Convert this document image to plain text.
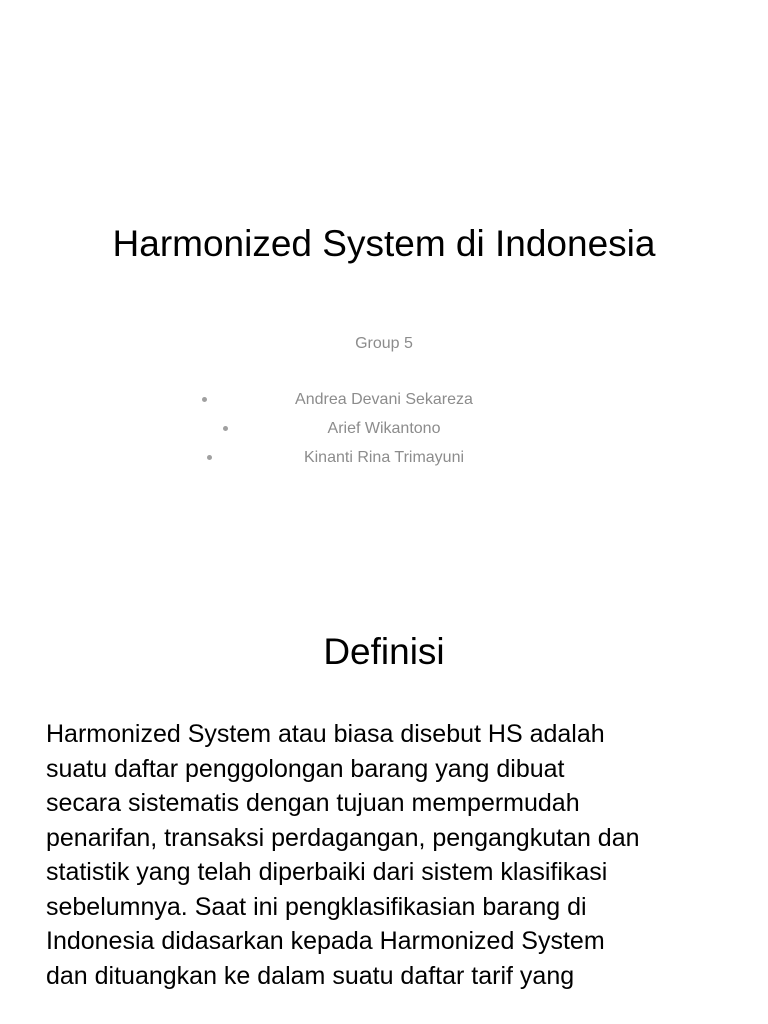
Harmonized System di Indonesia
Group 5
Andrea Devani Sekareza
Arief Wikantono
Kinanti Rina Trimayuni
Definisi
Harmonized System atau biasa disebut HS adalah
suatu daftar penggolongan barang yang dibuat
secara sistematis dengan tujuan mempermudah
penarifan, transaksi perdagangan, pengangkutan dan
statistik yang telah diperbaiki dari sistem klasifikasi
sebelumnya. Saat ini pengklasifikasian barang di
Indonesia didasarkan kepada Harmonized System
dan dituangkan ke dalam suatu daftar tarif yang
